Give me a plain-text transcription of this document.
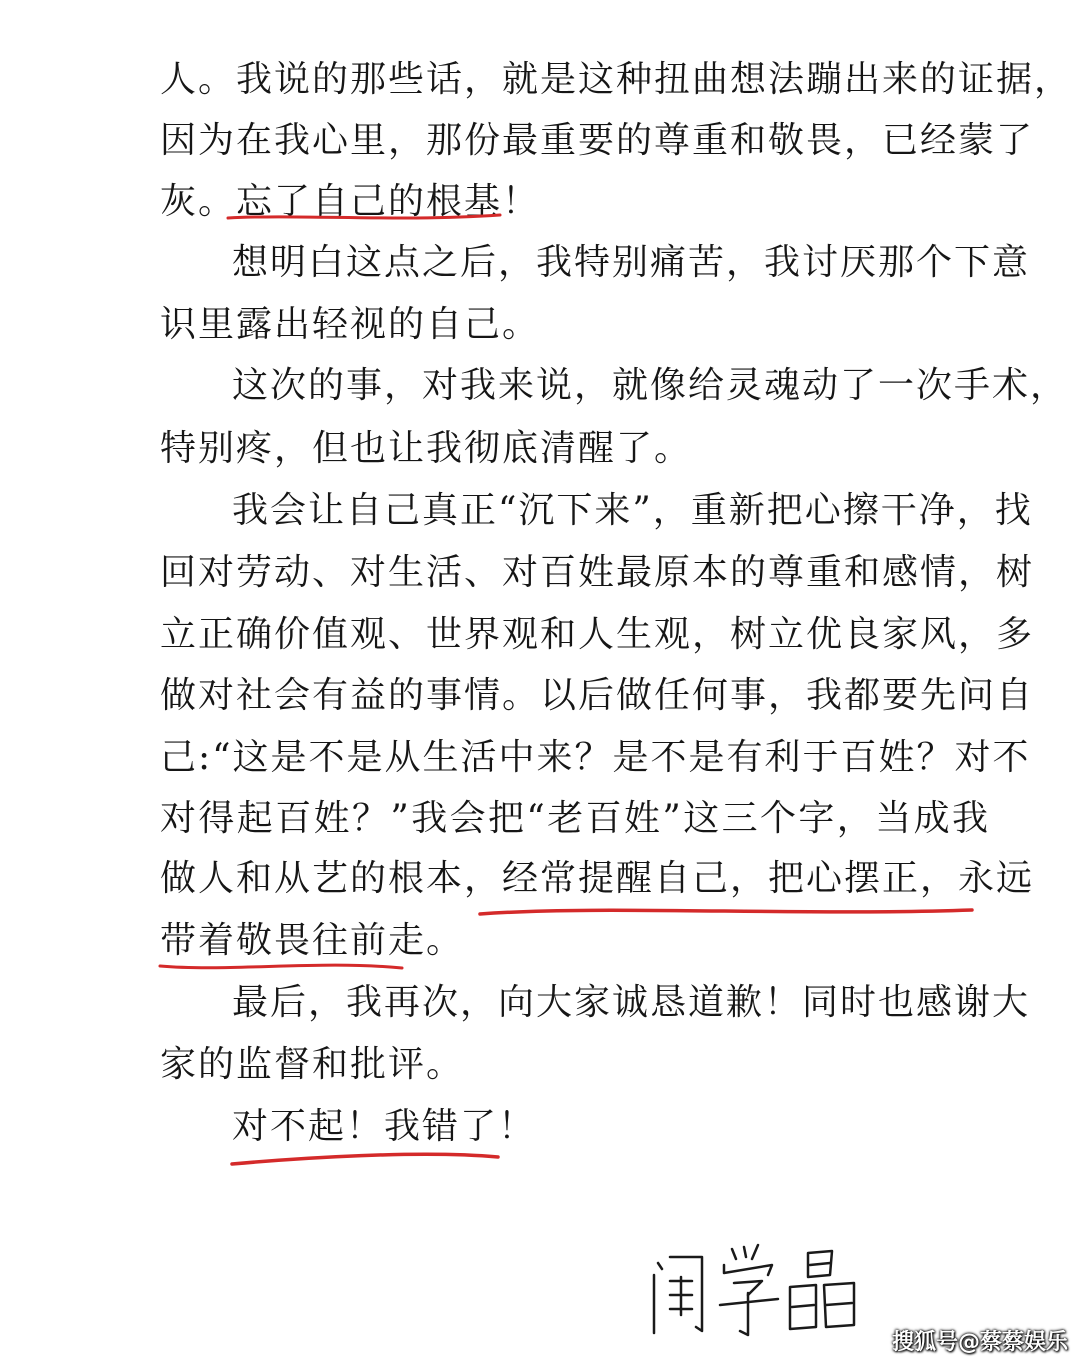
人。我说的那些话，就是这种扭曲想法蹦出来的证据，
因为在我心里，那份最重要的尊重和敬畏，已经蒙了
灰。忘了自己的根基！
想明白这点之后，我特别痛苦，我讨厌那个下意
识里露出轻视的自己。
这次的事，对我来说，就像给灵魂动了一次手术，
特别疼，但也让我彻底清醒了。
我会让自己真正“沉下来”，重新把心擦干净，找
回对劳动、对生活、对百姓最原本的尊重和感情，树
立正确价值观、世界观和人生观，树立优良家风，多
做对社会有益的事情。以后做任何事，我都要先问自
己:“这是不是从生活中来？是不是有利于百姓？对不
对得起百姓？”我会把“老百姓”这三个字，当成我
做人和从艺的根本，经常提醒自己，把心摆正，永远
带着敬畏往前走。
最后，我再次，向大家诚恳道歉！同时也感谢大
家的监督和批评。
对不起！我错了！
搜狐号@蔡蔡娱乐
